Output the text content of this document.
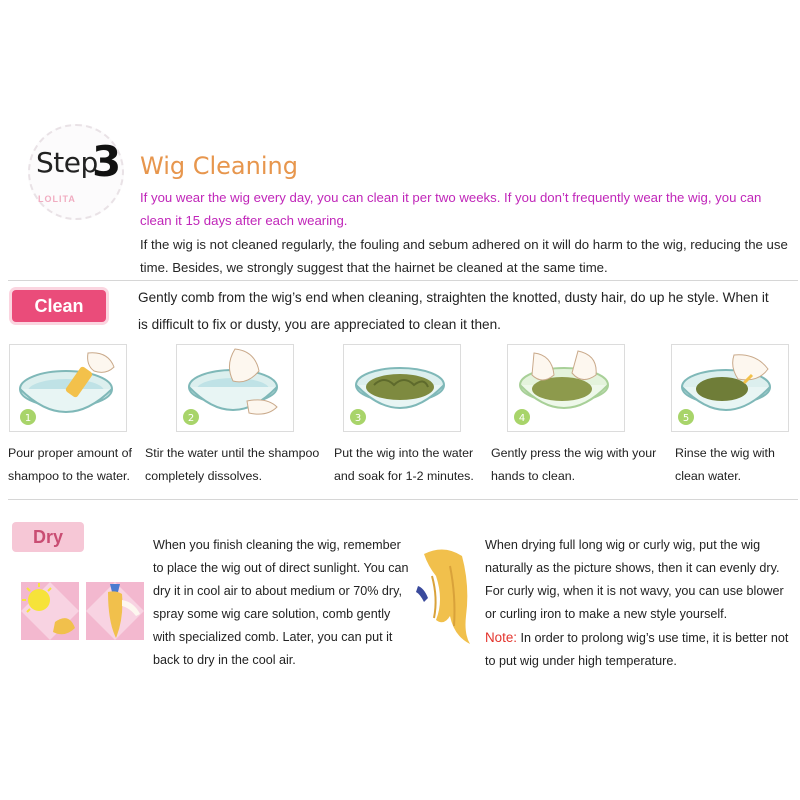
Step
3
LOLITA
Wig Cleaning
If you wear the wig every day, you can clean it per two weeks. If you don’t frequently wear the wig, you can clean it 15 days after each wearing.
If the wig is not cleaned regularly, the fouling and sebum adhered on it will do harm to the wig, reducing the use time. Besides, we strongly suggest that the hairnet be cleaned at the same time.
Clean	Gently comb from the wig’s end when cleaning, straighten the knotted, dusty hair, do up he style. When it is difficult to fix or dusty, you are appreciated to clean it then.
1
Pour proper amount of shampoo to the water.
2
Stir the water until the shampoo completely dissolves.
3
Put the wig into the water and soak for 1-2 minutes.
4
Gently press the wig with your hands to clean.
5
Rinse the wig with clean water.
Dry	When you finish cleaning the wig, remember to place the wig out of direct sunlight. You can dry it in cool air to about medium or 70% dry, spray some wig care solution, comb gently with specialized comb. Later, you can put it back to dry in the cool air.
When drying full long wig or curly wig, put the wig naturally as the picture shows, then it can evenly dry. For curly wig, when it is not wavy, you can use blower or curling iron to make a new style yourself.
Note: In order to prolong wig’s use time, it is better not to put wig under high temperature.
